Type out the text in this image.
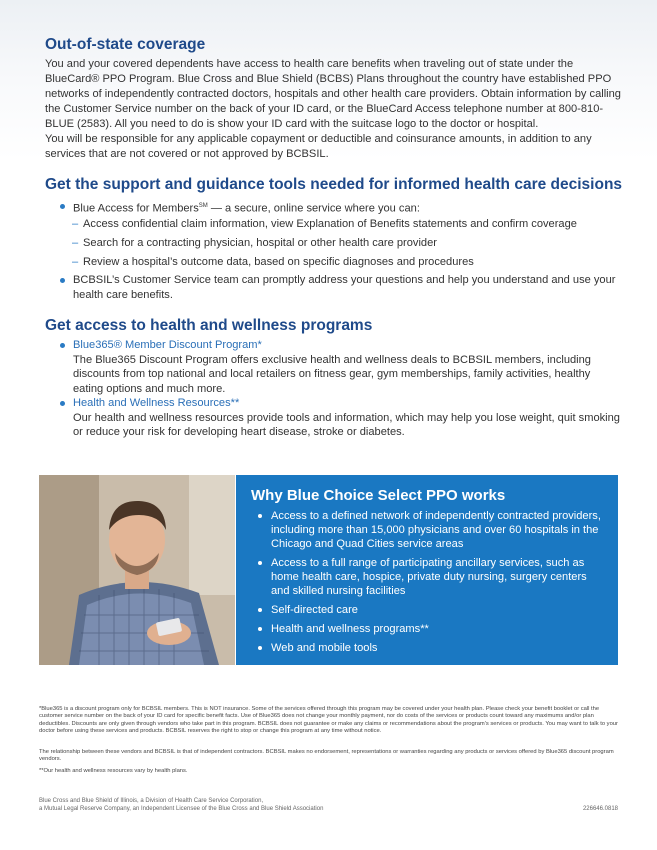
Out-of-state coverage

You and your covered dependents have access to health care benefits when traveling out of state under the BlueCard® PPO Program. Blue Cross and Blue Shield (BCBS) Plans throughout the country have established PPO networks of independently contracted doctors, hospitals and other health care providers. Obtain information by calling the Customer Service number on the back of your ID card, or the BlueCard Access telephone number at 800-810-BLUE (2583). All you need to do is show your ID card with the suitcase logo to the doctor or hospital.

You will be responsible for any applicable copayment or deductible and coinsurance amounts, in addition to any services that are not covered or not approved by BCBSIL.

Get the support and guidance tools needed for informed health care decisions
Blue Access for Members℠ — a secure, online service where you can:
– Access confidential claim information, view Explanation of Benefits statements and confirm coverage
– Search for a contracting physician, hospital or other health care provider
– Review a hospital’s outcome data, based on specific diagnoses and procedures
BCBSIL’s Customer Service team can promptly address your questions and help you understand and use your health care benefits.
Get access to health and wellness programs
Blue365® Member Discount Program*
The Blue365 Discount Program offers exclusive health and wellness deals to BCBSIL members, including discounts from top national and local retailers on fitness gear, gym memberships, family activities, healthy eating options and much more.
Health and Wellness Resources**
Our health and wellness resources provide tools and information, which may help you lose weight, quit smoking or reduce your risk for developing heart disease, stroke or diabetes.
Why Blue Choice Select PPO works
Access to a defined network of independently contracted providers, including more than 15,000 physicians and over 60 hospitals in the Chicago and Quad Cities service areas
Access to a full range of participating ancillary services, such as home health care, hospice, private duty nursing, surgery centers and skilled nursing facilities
Self-directed care
Health and wellness programs**
Web and mobile tools

*Blue365 is a discount program only for BCBSIL members. This is NOT insurance. Some of the services offered through this program may be covered under your health plan. Please check your benefit booklet or call the customer service number on the back of your ID card for specific benefit facts. Use of Blue365 does not change your monthly payment, nor do costs of the services or products count toward any maximums and/or plan deductibles. Discounts are only given through vendors who take part in this program. BCBSIL does not guarantee or make any claims or recommendations about the program's services or products. You may want to talk to your doctor before using these services and products. BCBSIL reserves the right to stop or change this program at any time without notice.

The relationship between these vendors and BCBSIL is that of independent contractors. BCBSIL makes no endorsement, representations or warranties regarding any products or services offered by Blue365 discount program vendors.

**Our health and wellness resources vary by health plans.

Blue Cross and Blue Shield of Illinois, a Division of Health Care Service Corporation,
a Mutual Legal Reserve Company, an Independent Licensee of the Blue Cross and Blue Shield Association	226646.0818
